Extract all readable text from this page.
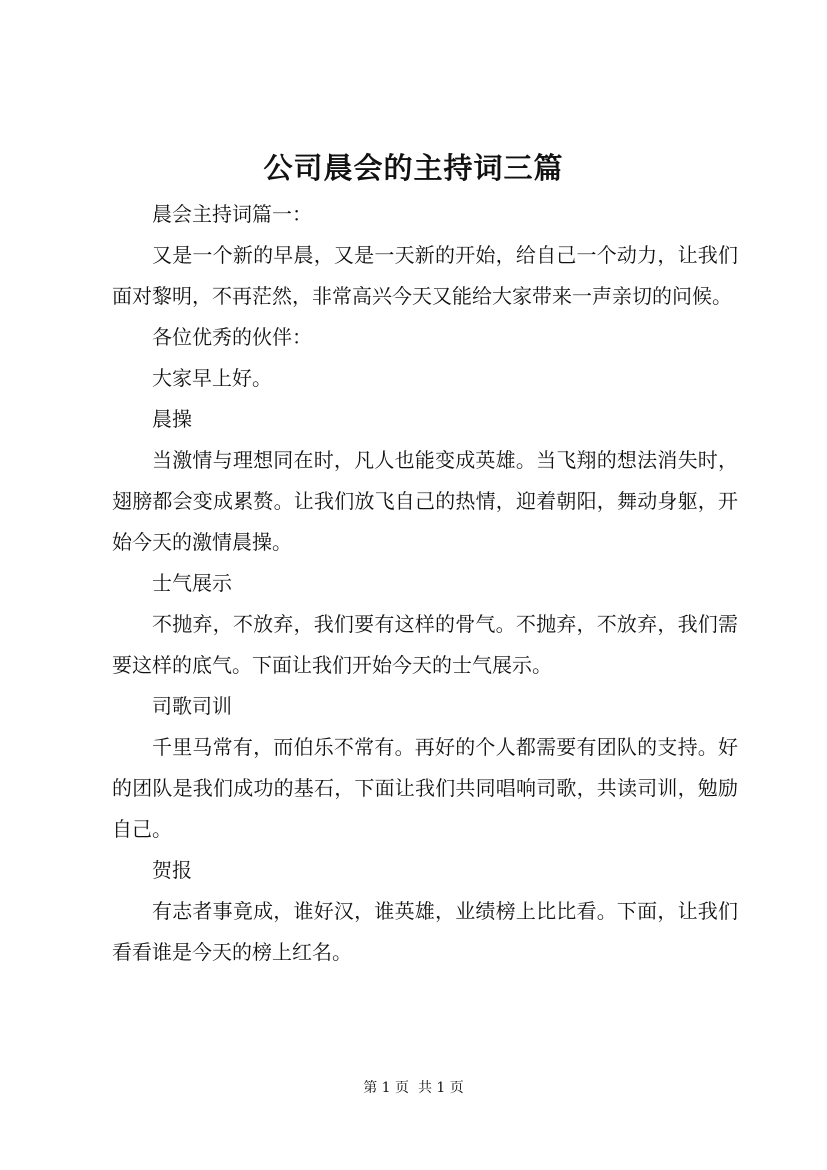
公司晨会的主持词三篇

晨会主持词篇一：

又是一个新的早晨，又是一天新的开始，给自己一个动力，让我们面对黎明，不再茫然，非常高兴今天又能给大家带来一声亲切的问候。

各位优秀的伙伴：

大家早上好。

晨操

当激情与理想同在时，凡人也能变成英雄。当飞翔的想法消失时，翅膀都会变成累赘。让我们放飞自己的热情，迎着朝阳，舞动身躯，开始今天的激情晨操。

士气展示

不抛弃，不放弃，我们要有这样的骨气。不抛弃，不放弃，我们需要这样的底气。下面让我们开始今天的士气展示。

司歌司训

千里马常有，而伯乐不常有。再好的个人都需要有团队的支持。好的团队是我们成功的基石，下面让我们共同唱响司歌，共读司训，勉励自己。

贺报

有志者事竟成，谁好汉，谁英雄，业绩榜上比比看。下面，让我们看看谁是今天的榜上红名。

第 1 页 共 1 页
